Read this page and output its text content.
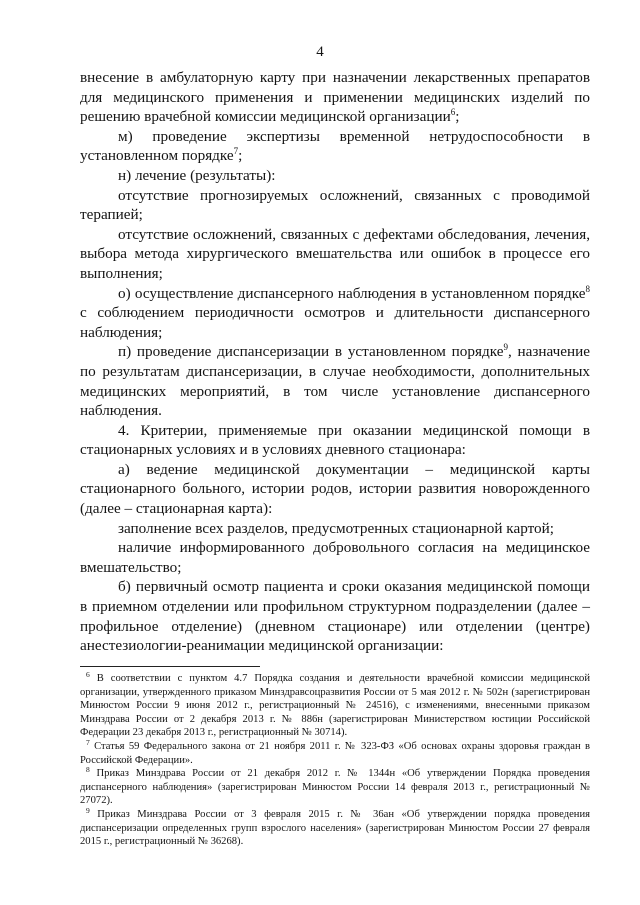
4

внесение в амбулаторную карту при назначении лекарственных препаратов для медицинского применения и применении медицинских изделий по решению врачебной комиссии медицинской организации$^6$;

м) проведение экспертизы временной нетрудоспособности в установленном порядке$^7$;

н) лечение (результаты):

отсутствие прогнозируемых осложнений, связанных с проводимой терапией;

отсутствие осложнений, связанных с дефектами обследования, лечения, выбора метода хирургического вмешательства или ошибок в процессе его выполнения;

о) осуществление диспансерного наблюдения в установленном порядке$^8$ с соблюдением периодичности осмотров и длительности диспансерного наблюдения;

п) проведение диспансеризации в установленном порядке$^9$, назначение по результатам диспансеризации, в случае необходимости, дополнительных медицинских мероприятий, в том числе установление диспансерного наблюдения.

4. Критерии, применяемые при оказании медицинской помощи в стационарных условиях и в условиях дневного стационара:

а) ведение медицинской документации – медицинской карты стационарного больного, истории родов, истории развития новорожденного (далее – стационарная карта):

заполнение всех разделов, предусмотренных стационарной картой;

наличие информированного добровольного согласия на медицинское вмешательство;

б) первичный осмотр пациента и сроки оказания медицинской помощи в приемном отделении или профильном структурном подразделении (далее – профильное отделение) (дневном стационаре) или отделении (центре) анестезиологии-реанимации медицинской организации:

$^6$ В соответствии с пунктом 4.7 Порядка создания и деятельности врачебной комиссии медицинской организации, утвержденного приказом Минздравсоцразвития России от 5 мая 2012 г. № 502н (зарегистрирован Минюстом России 9 июня 2012 г., регистрационный № 24516), с изменениями, внесенными приказом Минздрава России от 2 декабря 2013 г. № 886н (зарегистрирован Министерством юстиции Российской Федерации 23 декабря 2013 г., регистрационный № 30714).

$^7$ Статья 59 Федерального закона от 21 ноября 2011 г. № 323-ФЗ «Об основах охраны здоровья граждан в Российской Федерации».

$^8$ Приказ Минздрава России от 21 декабря 2012 г. № 1344н «Об утверждении Порядка проведения диспансерного наблюдения» (зарегистрирован Минюстом России 14 февраля 2013 г., регистрационный № 27072).

$^9$ Приказ Минздрава России от 3 февраля 2015 г. № 36ан «Об утверждении порядка проведения диспансеризации определенных групп взрослого населения» (зарегистрирован Минюстом России 27 февраля 2015 г., регистрационный № 36268).
